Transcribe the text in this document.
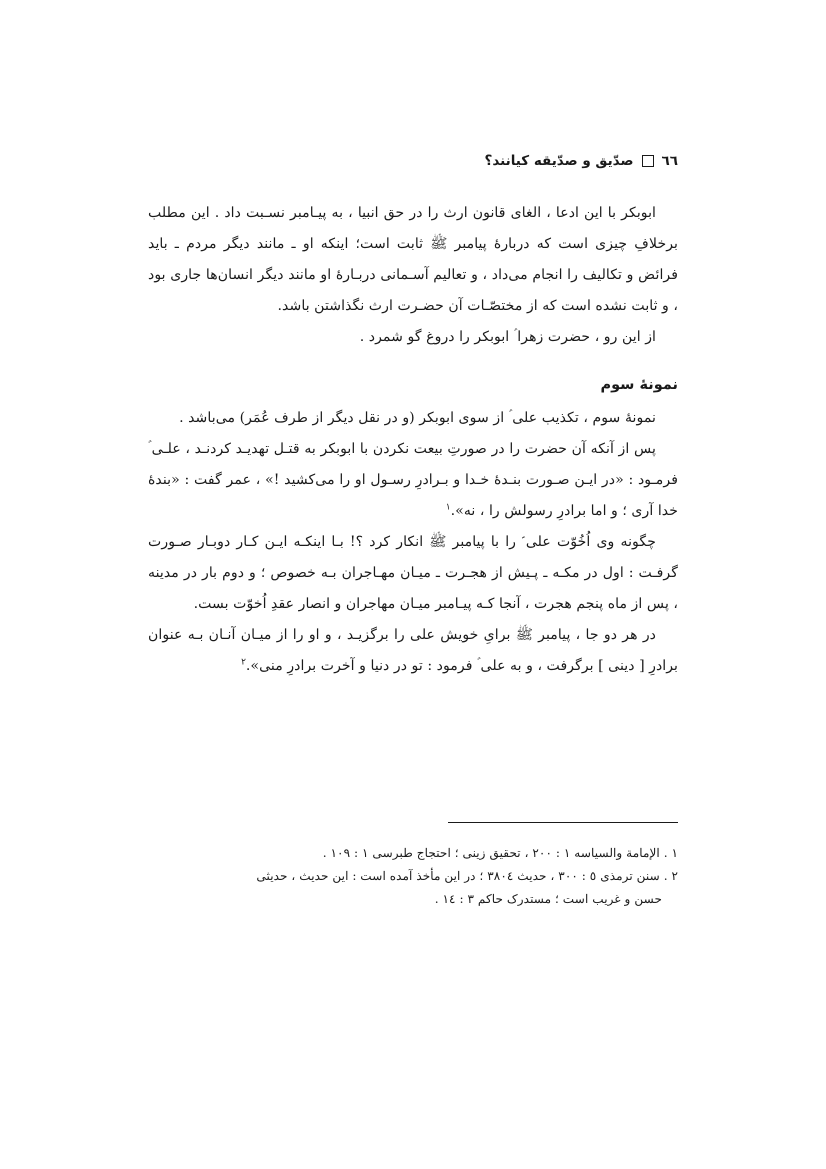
٦٦
صدّیق و صدّیقه کیانند؟

ابوبکر با این ادعا ، الغای قانون ارث را در حق انبیا ، به پیـامبر نسـبت داد . این مطلب برخلافِ چیزی است که دربارهٔ پیامبر ﷺ ثابت است؛ اینکه او ـ مانند دیگر مردم ـ باید فرائض و تکالیف را انجام می‌داد ، و تعالیم آسـمانی دربـارهٔ او مانند دیگر انسان‌ها جاری بود ، و ثابت نشده است که از مختصّـات آن حضـرت ارث نگذاشتن باشد.

از این رو ، حضرت زهرا ؑ ابوبکر را دروغ گو شمرد .

نمونهٔ سوم

نمونهٔ سوم ، تکذیب علی ؑ از سوی ابوبکر (و در نقل دیگر از طرف عُمَر) می‌باشد .

پس از آنکه آن حضرت را در صورتِ بیعت نکردن با ابوبکر به قتـل تهدیـد کردنـد ، علـی ؑ فرمـود : «در ایـن صـورت بنـدهٔ خـدا و بـرادرِ رسـول او را می‌کشید !» ، عمر گفت : «بندهٔ خدا آری ؛ و اما برادرِ رسولش را ، نه».$^١$

چگونه وی اُخُوّت علی ؑ را با پیامبر ﷺ انکار کرد ؟! بـا اینکـه ایـن کـار دوبـار صـورت گرفـت : اول در مکـه ـ پـیش از هجـرت ـ میـان مهـاجران بـه خصوص ؛ و دوم بار در مدینه ، پس از ماه پنجم هجرت ، آنجا کـه پیـامبر میـان مهاجران و انصار عقدِ اُخوّت بست.

در هر دو جا ، پیامبر ﷺ برایِ خویش علی را برگزیـد ، و او را از میـان آنـان بـه عنوان برادرِ [ دینی ] برگرفت ، و به علی ؑ فرمود : تو در دنیا و آخرت برادرِ منی».$^٢$

١ . الإمامة والسیاسه ١ : ٢٠٠ ، تحقیق زینی ؛ احتجاج طبرسی ١ : ١٠٩ .

٢ . سنن ترمذی ٥ : ٣٠٠ ، حدیث ٣٨٠٤ ؛ در این مأخذ آمده است : این حدیث ، حدیثی

حسن و غریب است ؛ مستدرک حاکم ٣ : ١٤ .
